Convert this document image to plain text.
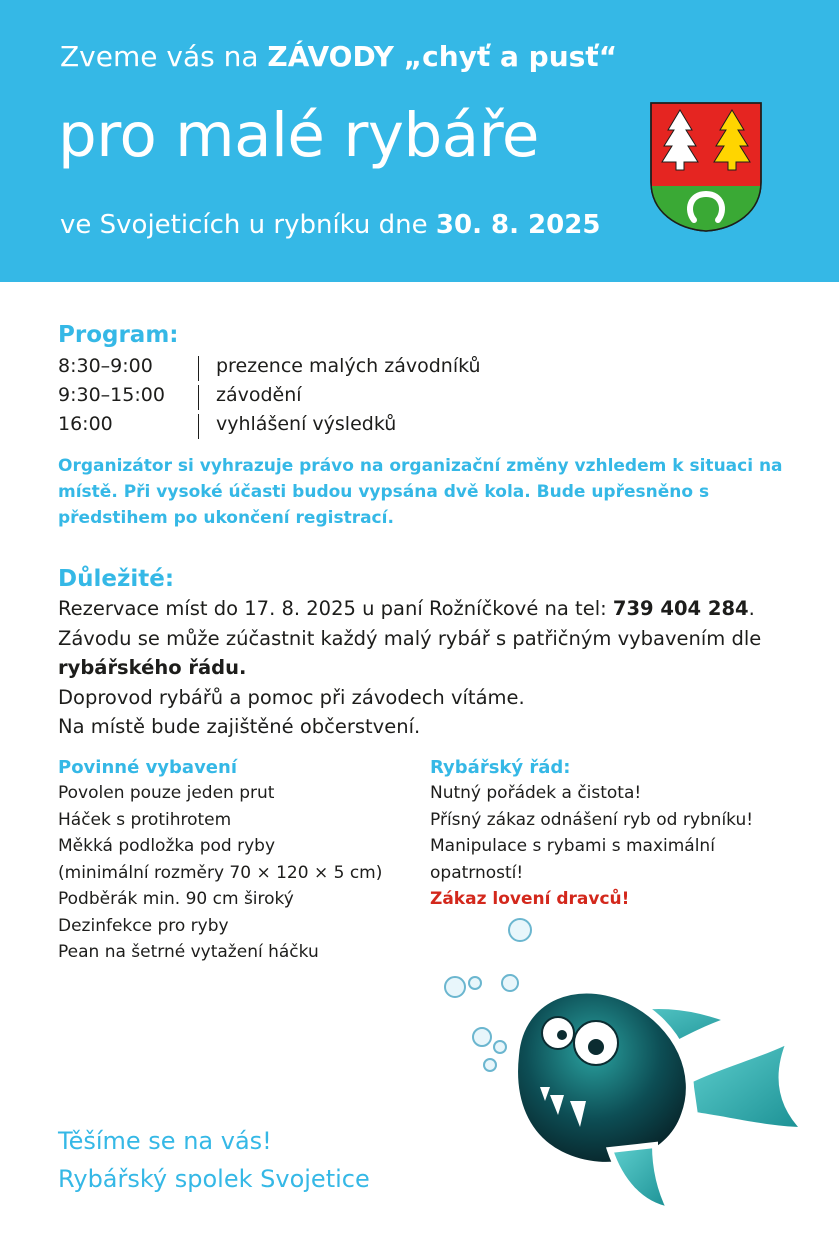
Zveme vás na ZÁVODY „chyť a pusť“
pro malé rybáře
ve Svojeticích u rybníku dne 30. 8. 2025
Program:
8:30–9:00	prezence malých závodníků
9:30–15:00	závodění
16:00	vyhlášení výsledků
Organizátor si vyhrazuje právo na organizační změny vzhledem k situaci na místě. Při vysoké účasti budou vypsána dvě kola. Bude upřesněno s předstihem po ukončení registrací.
Důležité:

Rezervace míst do 17. 8. 2025 u paní Rožníčkové na tel: 739 404 284.

Závodu se může zúčastnit každý malý rybář s patřičným vybavením dle

rybářského řádu.

Doprovod rybářů a pomoc při závodech vítáme.

Na místě bude zajištěné občerstvení.

Povinné vybavení

Povolen pouze jeden prut

Háček s protihrotem

Měkká podložka pod ryby

(minimální rozměry 70 × 120 × 5 cm)

Podběrák min. 90 cm široký

Dezinfekce pro ryby

Pean na šetrné vytažení háčku

Rybářský řád:

Nutný pořádek a čistota!

Přísný zákaz odnášení ryb od rybníku!

Manipulace s rybami s maximální

opatrností!

Zákaz lovení dravců!

Těšíme se na vás!

Rybářský spolek Svojetice
